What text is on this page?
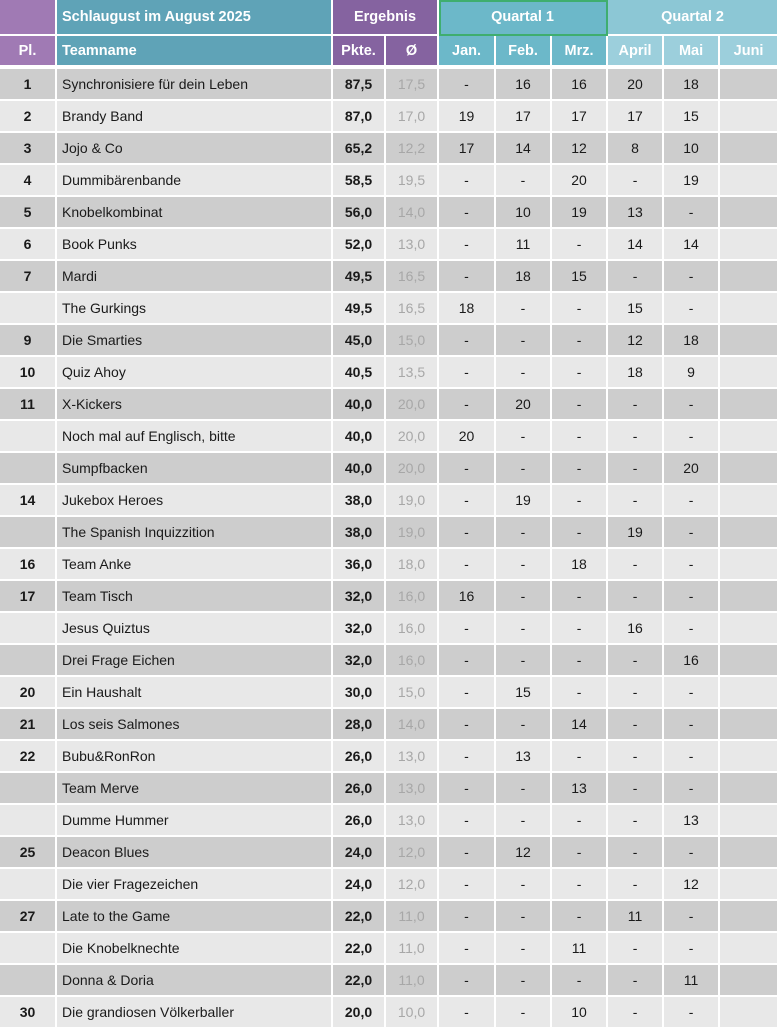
	Schlaugust im August 2025	Ergebnis		Quartal 1			Quartal 2		
Pl.	Teamname	Pkte.	Ø	Jan.	Feb.	Mrz.	April	Mai	Juni

1	Synchronisiere für dein Leben	87,5	17,5	-	16	16	20	18	
2	Brandy Band	87,0	17,0	19	17	17	17	15	
3	Jojo & Co	65,2	12,2	17	14	12	8	10	
4	Dummibärenbande	58,5	19,5	-	-	20	-	19	
5	Knobelkombinat	56,0	14,0	-	10	19	13	-	
6	Book Punks	52,0	13,0	-	11	-	14	14	
7	Mardi	49,5	16,5	-	18	15	-	-	
	The Gurkings	49,5	16,5	18	-	-	15	-	
9	Die Smarties	45,0	15,0	-	-	-	12	18	
10	Quiz Ahoy	40,5	13,5	-	-	-	18	9	
11	X-Kickers	40,0	20,0	-	20	-	-	-	
	Noch mal auf Englisch, bitte	40,0	20,0	20	-	-	-	-	
	Sumpfbacken	40,0	20,0	-	-	-	-	20	
14	Jukebox Heroes	38,0	19,0	-	19	-	-	-	
	The Spanish Inquizzition	38,0	19,0	-	-	-	19	-	
16	Team Anke	36,0	18,0	-	-	18	-	-	
17	Team Tisch	32,0	16,0	16	-	-	-	-	
	Jesus Quiztus	32,0	16,0	-	-	-	16	-	
	Drei Frage Eichen	32,0	16,0	-	-	-	-	16	
20	Ein Haushalt	30,0	15,0	-	15	-	-	-	
21	Los seis Salmones	28,0	14,0	-	-	14	-	-	
22	Bubu&RonRon	26,0	13,0	-	13	-	-	-	
	Team Merve	26,0	13,0	-	-	13	-	-	
	Dumme Hummer	26,0	13,0	-	-	-	-	13	
25	Deacon Blues	24,0	12,0	-	12	-	-	-	
	Die vier Fragezeichen	24,0	12,0	-	-	-	-	12	
27	Late to the Game	22,0	11,0	-	-	-	11	-	
	Die Knobelknechte	22,0	11,0	-	-	11	-	-	
	Donna & Doria	22,0	11,0	-	-	-	-	11	
30	Die grandiosen Völkerballer	20,0	10,0	-	-	10	-	-	
